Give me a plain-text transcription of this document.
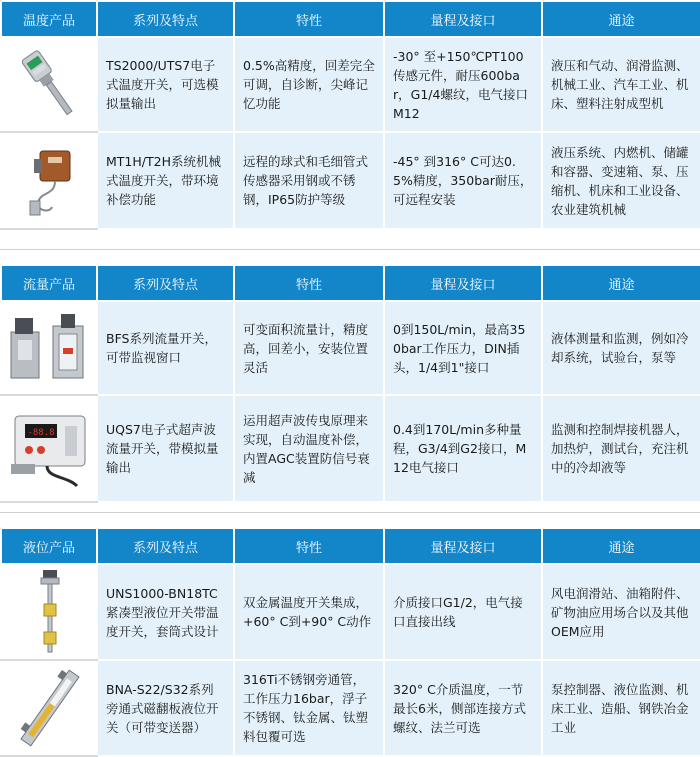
温度产品	系列及特点	特性	量程及接口	通途

	TS2000/UTS7电子式温度开关，可选模拟量输出	0.5%高精度，回差完全可调，自诊断，尖峰记忆功能	-30° 至+150℃PT100传感元件，耐压600bar，G1/4螺纹，电气接口M12	液压和气动、润滑监测、机械工业、汽车工业、机床、塑料注射成型机

	MT1H/T2H系统机械式温度开关，带环境补偿功能	远程的球式和毛细管式传感器采用钢或不锈钢，IP65防护等级	-45° 到316° C可达0.5%精度，350bar耐压，可远程安装	液压系统、内燃机、储罐和容器、变速箱、泵、压缩机、机床和工业设备、农业建筑机械
流量产品	系列及特点	特性	量程及接口	通途

	BFS系列流量开关，可带监视窗口	可变面积流量计，精度高，回差小，安装位置灵活	0到150L/min，最高350bar工作压力，DIN插头，1/4到1"接口	液体测量和监测，例如冷却系统，试验台，泵等

-88.8	UQS7电子式超声波流量开关，带模拟量输出	运用超声波传曳原理来实现，自动温度补偿，内置AGC装置防信号衰减	0.4到170L/min多种量程，G3/4到G2接口，M12电气接口	监测和控制焊接机器人，加热炉，测试台，充注机中的冷却液等
液位产品	系列及特点	特性	量程及接口	通途

	UNS1000-BN18TC紧凑型液位开关带温度开关，套筒式设计	双金属温度开关集成，+60° C到+90° C动作	介质接口G1/2，电气接口直接出线	风电润滑站、油箱附件、矿物油应用场合以及其他OEM应用

	BNA-S22/S32系列旁通式磁翻板液位开关（可带变送器）	316Ti不锈钢旁通管，工作压力16bar，浮子不锈钢、钛金属、钛塑料包覆可选	320° C介质温度，一节最长6米，侧部连接方式螺纹、法兰可选	泵控制器、液位监测、机床工业、造船、钢铁冶金工业
